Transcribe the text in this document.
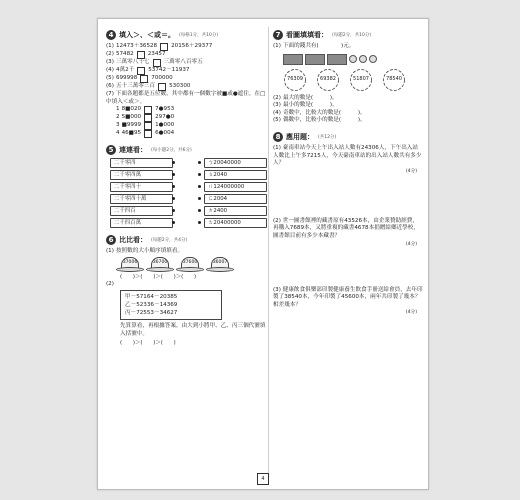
4 填入＞、＜或＝。 (每格1分，共10分)
(1) 12473＋36528	20156＋29377
(2) 57482	23457
(3) 三萬零八十七	三萬零八百零五
(4) 4萬2千	53742－11937
(5) 699998	700000
(6) 五十三萬零三百	530300
(7) 下面各題都是五位數，其中都有一個數字被■或●遮住，在□中填入＜或＞。
1 8■020	7●953
2 5■000	297●0
3 ■9999	1●000
4 46■95	6●004
5 連連看： (每小題2分，共6分)
二千零四	ㄅ20040000
二千零四萬	ㄆ2040
二千零四十	ㄇ124000000
二千零四十萬	ㄈ2004
二千四百	ㄉ2400
二千四百萬	ㄊ20400000
6 比比看： (每題2分，共4分)
(1) 按照數的大小順序填填看。
37006	36700	37600	36007
(　　)＞(　　)＞(　　)＞(　　)
(2)
甲－57164－20385
乙－52336－14369
丙－72553－34627
先算算看，再根據答案，由大到小將甲、乙、丙三個代號填入括號中。
(　　)＞(　　)＞(　　)
7 看圖填填看： (每題2分，共10分)
(1) 下面的錢共有(　　　　)元。
76309	69382	51807	78540
(2) 最大的數是(　　　)。
(3) 最小的數是(　　　)。
(4) 奇數中，比較大的數是(　　　)。
(5) 偶數中，比較小的數是(　　　)。
8 應用題： (共12分)
(1) 臺南車站今天上午出入站人數有24306人，下午出入站人數比上午多7215人，今天臺南車站的出入站人數共有多少人？
(4分)
(2) 世一圖書館裡的藏書原有43526本，由企業贊助經費，再購入7689本，又將重複的藏書4678本捐贈給鄉近學校，圖書館目前有多少本藏書？
(4分)
(3) 健康飲食俱樂部印製健康養生飲食手冊送給會員，去年印製了38540本，今年印製了45600本，兩年共印製了幾本？相差幾本？
(4分)
4
